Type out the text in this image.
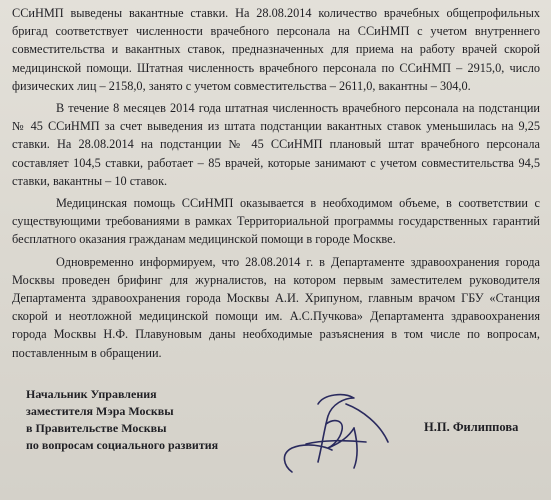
ССиНМП выведены вакантные ставки. На 28.08.2014 количество врачебных общепрофильных бригад соответствует численности врачебного персонала на ССиНМП с учетом внутреннего совместительства и вакантных ставок, предназначенных для приема на работу врачей скорой медицинской помощи. Штатная численность врачебного персонала по ССиНМП – 2915,0, число физических лиц – 2158,0, занято с учетом совместительства – 2611,0, вакантны – 304,0.

В течение 8 месяцев 2014 года штатная численность врачебного персонала на подстанции № 45 ССиНМП за счет выведения из штата подстанции вакантных ставок уменьшилась на 9,25 ставки. На 28.08.2014 на подстанции № 45 ССиНМП плановый штат врачебного персонала составляет 104,5 ставки, работает – 85 врачей, которые занимают с учетом совместительства 94,5 ставки, вакантны – 10 ставок.

Медицинская помощь ССиНМП оказывается в необходимом объеме, в соответствии с существующими требованиями в рамках Территориальной программы государственных гарантий бесплатного оказания гражданам медицинской помощи в городе Москве.

Одновременно информируем, что 28.08.2014 г. в Департаменте здравоохранения города Москвы проведен брифинг для журналистов, на котором первым заместителем руководителя Департамента здравоохранения города Москвы А.И. Хрипуном, главным врачом ГБУ «Станция скорой и неотложной медицинской помощи им. А.С.Пучкова» Департамента здравоохранения города Москвы Н.Ф. Плавуновым даны необходимые разъяснения в том числе по вопросам, поставленным в обращении.

Начальник Управления
заместителя Мэра Москвы
в Правительстве Москвы
по вопросам социального развития
Н.П. Филиппова
